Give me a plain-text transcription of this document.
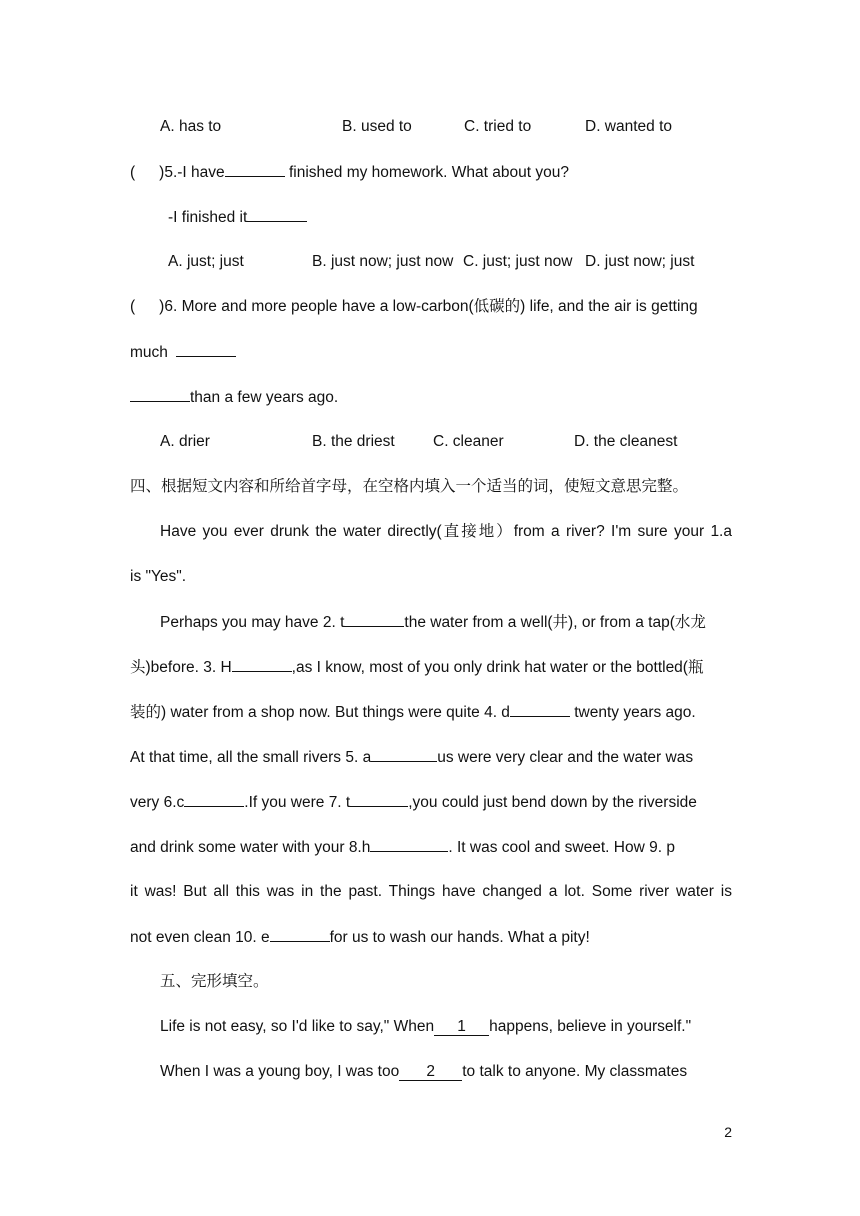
A. has to	B. used to	C. tried to	D. wanted to
( )5.-I have	finished my homework. What about you?
-I finished it
A. just; just	B. just now; just now C. just; just now D. just now; just
( )6. More and more people have a low-carbon(低碳的) life, and the air is getting
much
than a few years ago.
A. drier	B. the driest C. cleaner	D. the cleanest
四、根据短文内容和所给首字母，在空格内填入一个适当的词，使短文意思完整。
Have you ever drunk the water directly(直接地）from a river? I'm sure your 1.a
is "Yes".
Perhaps you may have 2. t	the water from a well(井), or from a tap(水龙
头)before. 3. H	,as I know, most of you only drink hat water or the bottled(瓶
装的) water from a shop now. But things were quite 4. d	twenty years ago.
At that time, all the small rivers 5. a	us were very clear and the water was
very 6.c	.If you were 7. t	,you could just bend down by the riverside
and drink some water with your 8.h	. It was cool and sweet. How 9. p
it was! But all this was in the past. Things have changed a lot. Some river water is
not even clean 10. e	for us to wash our hands. What a pity!
五、完形填空。
Life is not easy, so I'd like to say," When 1 happens, believe in yourself."
When I was a young boy, I was too 2 to talk to anyone. My classmates
2
